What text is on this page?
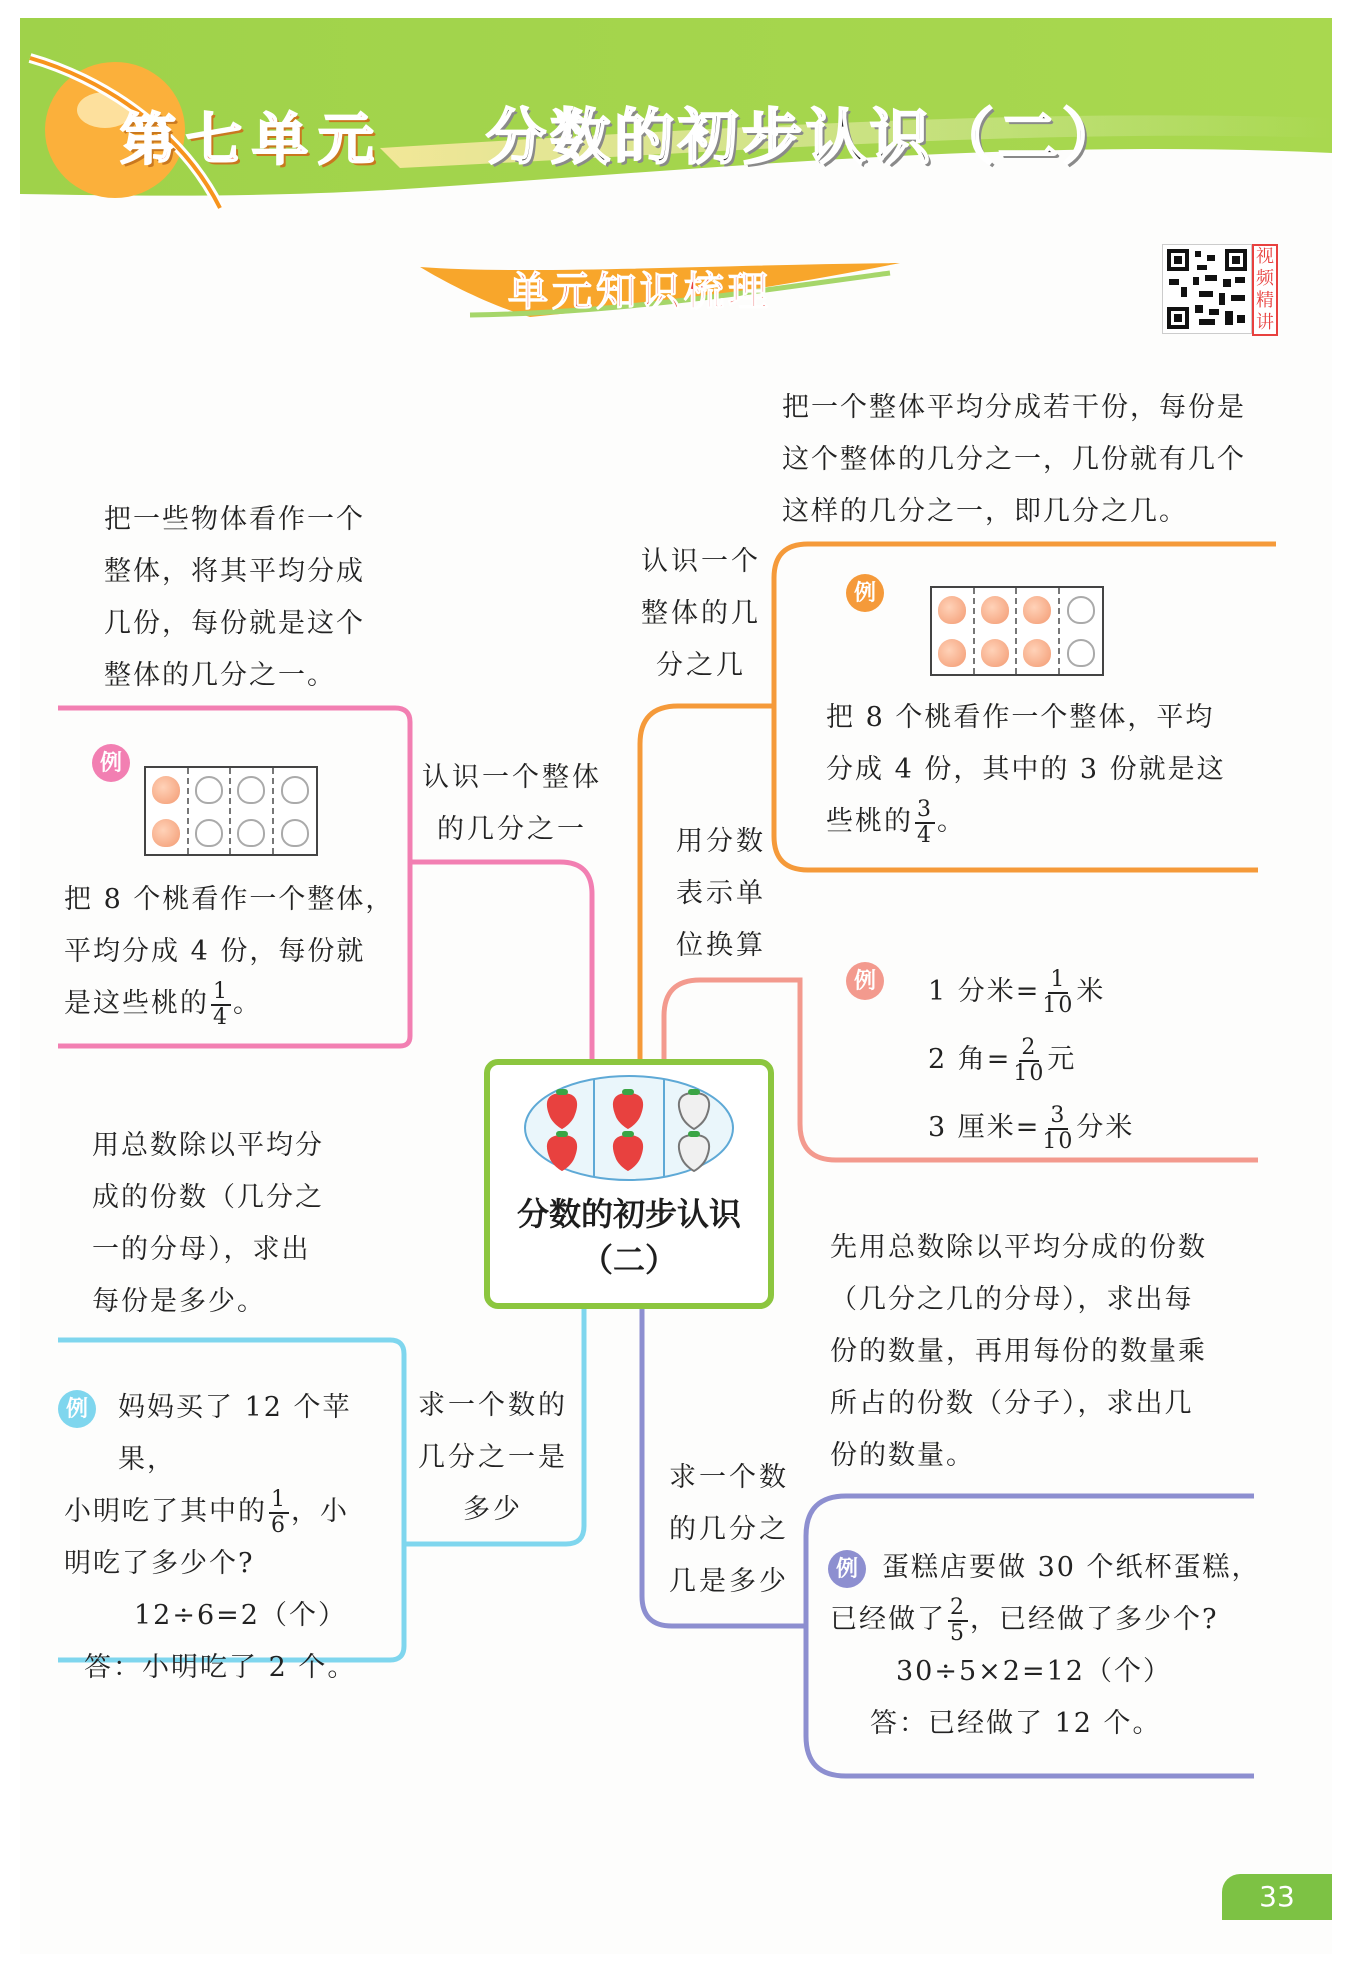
第七单元 分数的初步认识（二）
单元知识梳理
视频精讲
分数的初步认识
（二）
把一些物体看作一个
整体，将其平均分成
几份，每份就是这个
整体的几分之一。
例
把 8 个桃看作一个整体，
平均分成 4 份，每份就
是这些桃的 $\frac{1}{4}$ 。
认识一个整体
的几分之一
用总数除以平均分
成的份数（几分之
一的分母），求出
每份是多少。
例	妈妈买了 12 个苹果，
小明吃了其中的 $\frac{1}{6}$ ，小
明吃了多少个?
12÷6=2（个）
答：小明吃了 2 个。
求一个数的
几分之一是
多少
把一个整体平均分成若干份，每份是
这个整体的几分之一，几份就有几个
这样的几分之一，即几分之几。
认识一个
整体的几
分之几
例
把 8 个桃看作一个整体，平均
分成 4 份，其中的 3 份就是这
些桃的 $\frac{3}{4}$ 。
用分数
表示单
位换算
例 1 分米= $\frac{1}{10}$ 米
2 角= $\frac{2}{10}$ 元
3 厘米= $\frac{3}{10}$ 分米
先用总数除以平均分成的份数
（几分之几的分母），求出每
份的数量，再用每份的数量乘
所占的份数（分子），求出几
份的数量。
求一个数
的几分之
几是多少	例 蛋糕店要做 30 个纸杯蛋糕，
已经做了 $\frac{2}{5}$ ，已经做了多少个?
30÷5×2=12（个）
答：已经做了 12 个。
33
